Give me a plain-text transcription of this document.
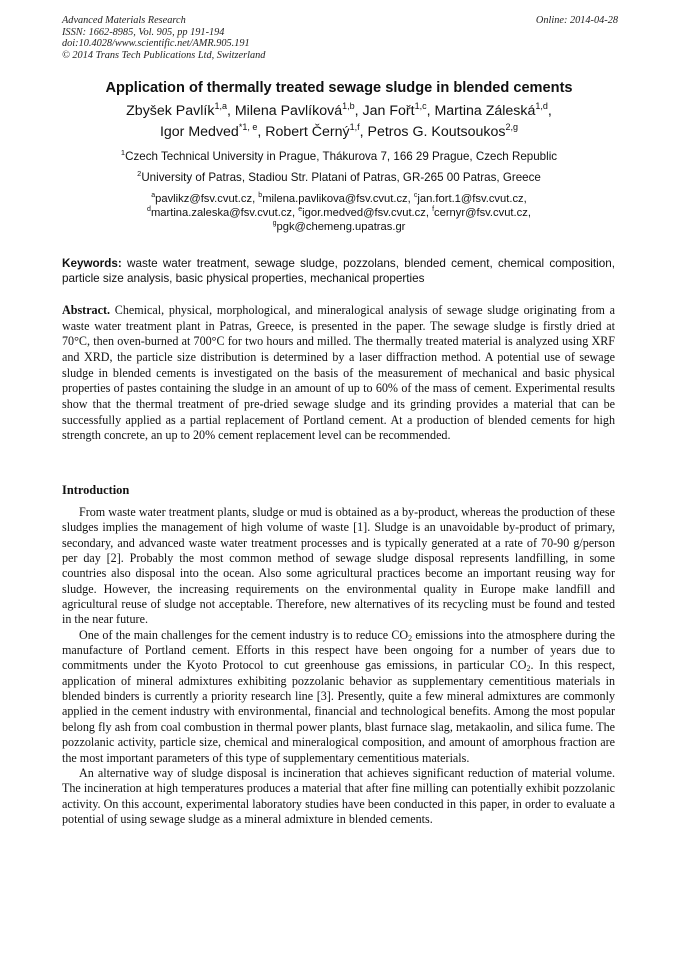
Advanced Materials Research
ISSN: 1662-8985, Vol. 905, pp 191-194
doi:10.4028/www.scientific.net/AMR.905.191
© 2014 Trans Tech Publications Ltd, Switzerland
Online: 2014-04-28
Application of thermally treated sewage sludge in blended cements
Zbyšek Pavlík$^{1,a}$, Milena Pavlíková$^{1,b}$, Jan Fořt$^{1,c}$, Martina Záleská$^{1,d}$,
Igor Medved$^{*1, e}$, Robert Černý$^{1,f}$, Petros G. Koutsoukos$^{2,g}$
$^1$Czech Technical University in Prague, Thákurova 7, 166 29 Prague, Czech Republic
$^2$University of Patras, Stadiou Str. Platani of Patras, GR-265 00 Patras, Greece
$^a$pavlikz@fsv.cvut.cz, $^b$milena.pavlikova@fsv.cvut.cz, $^c$jan.fort.1@fsv.cvut.cz,
$^d$martina.zaleska@fsv.cvut.cz, $^e$igor.medved@fsv.cvut.cz, $^f$cernyr@fsv.cvut.cz,
$^g$pgk@chemeng.upatras.gr
Keywords: waste water treatment, sewage sludge, pozzolans, blended cement, chemical composition, particle size analysis, basic physical properties, mechanical properties
Abstract. Chemical, physical, morphological, and mineralogical analysis of sewage sludge originating from a waste water treatment plant in Patras, Greece, is presented in the paper. The sewage sludge is firstly dried at 70°C, then oven-burned at 700°C for two hours and milled. The thermally treated material is analyzed using XRF and XRD, the particle size distribution is determined by a laser diffraction method. A potential use of sewage sludge in blended cements is investigated on the basis of the measurement of mechanical and basic physical properties of pastes containing the sludge in an amount of up to 60% of the mass of cement. Experimental results show that the thermal treatment of pre-dried sewage sludge and its grinding provides a material that can be successfully applied as a partial replacement of Portland cement. At a production of blended cements for high strength concrete, an up to 20% cement replacement level can be recommended.
Introduction

From waste water treatment plants, sludge or mud is obtained as a by-product, whereas the production of these sludges implies the management of high volume of waste [1]. Sludge is an unavoidable by-product of primary, secondary, and advanced waste water treatment processes and is typically generated at a rate of 70-90 g/person per day [2]. Probably the most common method of sewage sludge disposal represents landfilling, in some countries also disposal into the ocean. Also some agricultural practices become an important reusing way for sludge. However, the increasing requirements on the environmental quality in Europe make landfill and agricultural reuse of sludge not acceptable. Therefore, new alternatives of its recycling must be found and tested in the near future.

One of the main challenges for the cement industry is to reduce $CO_2$ emissions into the atmosphere during the manufacture of Portland cement. Efforts in this respect have been ongoing for a number of years due to commitments under the Kyoto Protocol to cut greenhouse gas emissions, in particular $CO_2$. In this respect, application of mineral admixtures exhibiting pozzolanic behavior as supplementary cementitious materials in blended binders is currently a priority research line [3]. Presently, quite a few mineral admixtures are commonly applied in the cement industry with environmental, financial and technological benefits. Among the most popular belong fly ash from coal combustion in thermal power plants, blast furnace slag, metakaolin, and silica fume. The pozzolanic activity, particle size, chemical and mineralogical composition, and amount of amorphous fraction are the most important parameters of this type of supplementary cementitious materials.

An alternative way of sludge disposal is incineration that achieves significant reduction of material volume. The incineration at high temperatures produces a material that after fine milling can potentially exhibit pozzolanic activity. On this account, experimental laboratory studies have been conducted in this paper, in order to evaluate a potential of using sewage sludge as a mineral admixture in blended cements.
